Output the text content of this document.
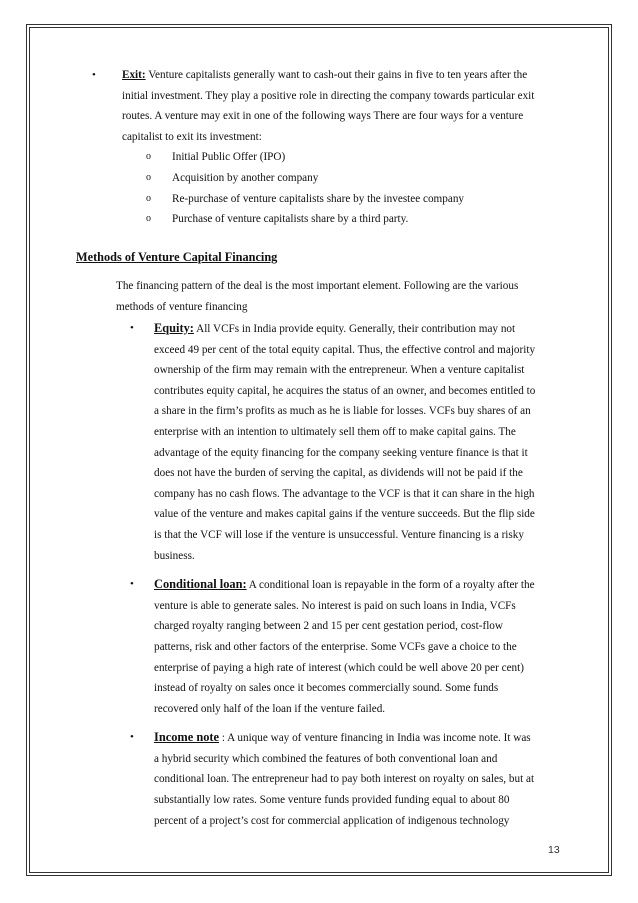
• Exit: Venture capitalists generally want to cash-out their gains in five to ten years after the
initial investment. They play a positive role in directing the company towards particular exit
routes. A venture may exit in one of the following ways There are four ways for a venture
capitalist to exit its investment:
o Initial Public Offer (IPO)
o Acquisition by another company
o Re-purchase of venture capitalists share by the investee company
o Purchase of venture capitalists share by a third party.
Methods of Venture Capital Financing
The financing pattern of the deal is the most important element. Following are the various
methods of venture financing
• Equity: All VCFs in India provide equity. Generally, their contribution may not
exceed 49 per cent of the total equity capital. Thus, the effective control and majority
ownership of the firm may remain with the entrepreneur. When a venture capitalist
contributes equity capital, he acquires the status of an owner, and becomes entitled to
a share in the firm’s profits as much as he is liable for losses. VCFs buy shares of an
enterprise with an intention to ultimately sell them off to make capital gains. The
advantage of the equity financing for the company seeking venture finance is that it
does not have the burden of serving the capital, as dividends will not be paid if the
company has no cash flows. The advantage to the VCF is that it can share in the high
value of the venture and makes capital gains if the venture succeeds. But the flip side
is that the VCF will lose if the venture is unsuccessful. Venture financing is a risky
business.
• Conditional loan: A conditional loan is repayable in the form of a royalty after the
venture is able to generate sales. No interest is paid on such loans in India, VCFs
charged royalty ranging between 2 and 15 per cent gestation period, cost-flow
patterns, risk and other factors of the enterprise. Some VCFs gave a choice to the
enterprise of paying a high rate of interest (which could be well above 20 per cent)
instead of royalty on sales once it becomes commercially sound. Some funds
recovered only half of the loan if the venture failed.
• Income note : A unique way of venture financing in India was income note. It was
a hybrid security which combined the features of both conventional loan and
conditional loan. The entrepreneur had to pay both interest on royalty on sales, but at
substantially low rates. Some venture funds provided funding equal to about 80
percent of a project’s cost for commercial application of indigenous technology
13
